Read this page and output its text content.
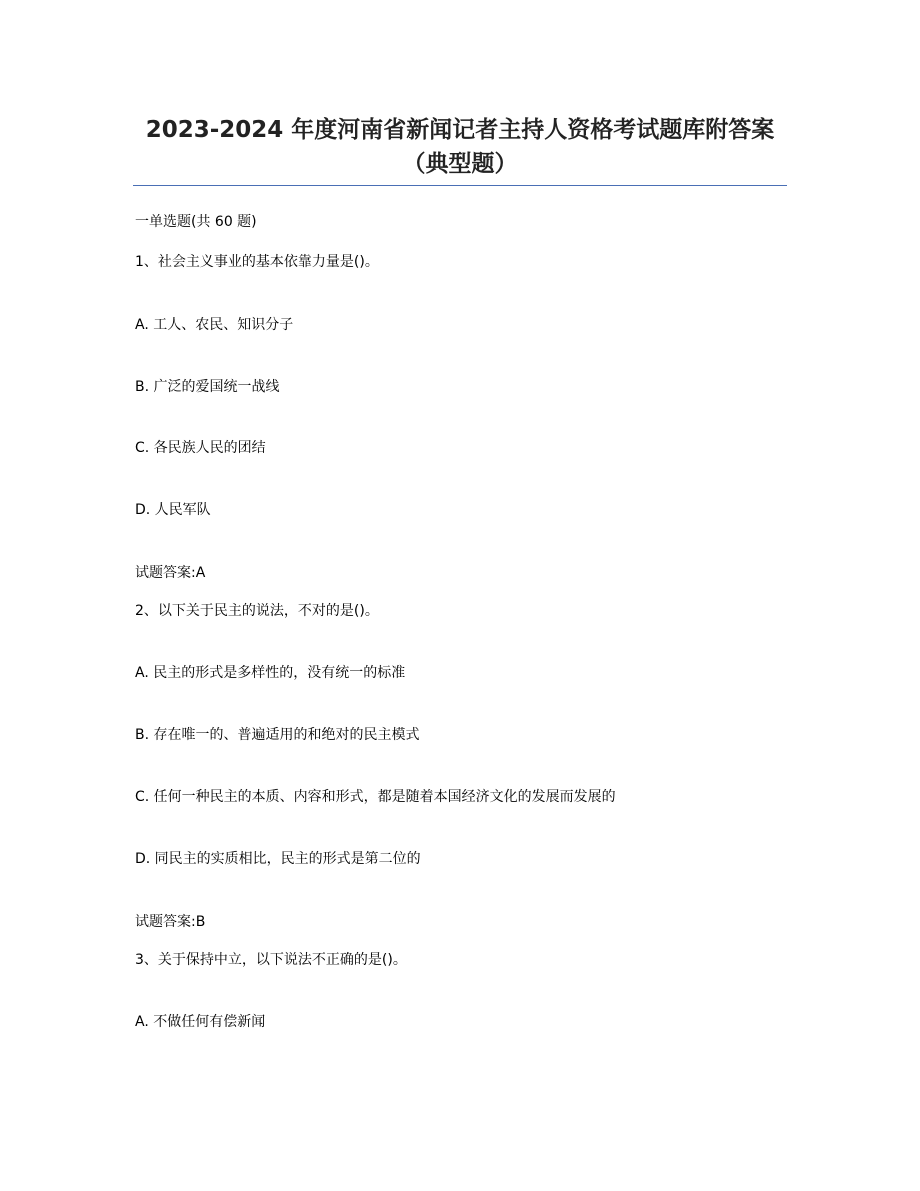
2023-2024 年度河南省新闻记者主持人资格考试题库附答案
（典型题）
一单选题(共 60 题)
1、社会主义事业的基本依靠力量是()。
A. 工人、农民、知识分子
B. 广泛的爱国统一战线
C. 各民族人民的团结
D. 人民军队
试题答案:A
2、以下关于民主的说法，不对的是()。
A. 民主的形式是多样性的，没有统一的标准
B. 存在唯一的、普遍适用的和绝对的民主模式
C. 任何一种民主的本质、内容和形式，都是随着本国经济文化的发展而发展的
D. 同民主的实质相比，民主的形式是第二位的
试题答案:B
3、关于保持中立，以下说法不正确的是()。
A. 不做任何有偿新闻
